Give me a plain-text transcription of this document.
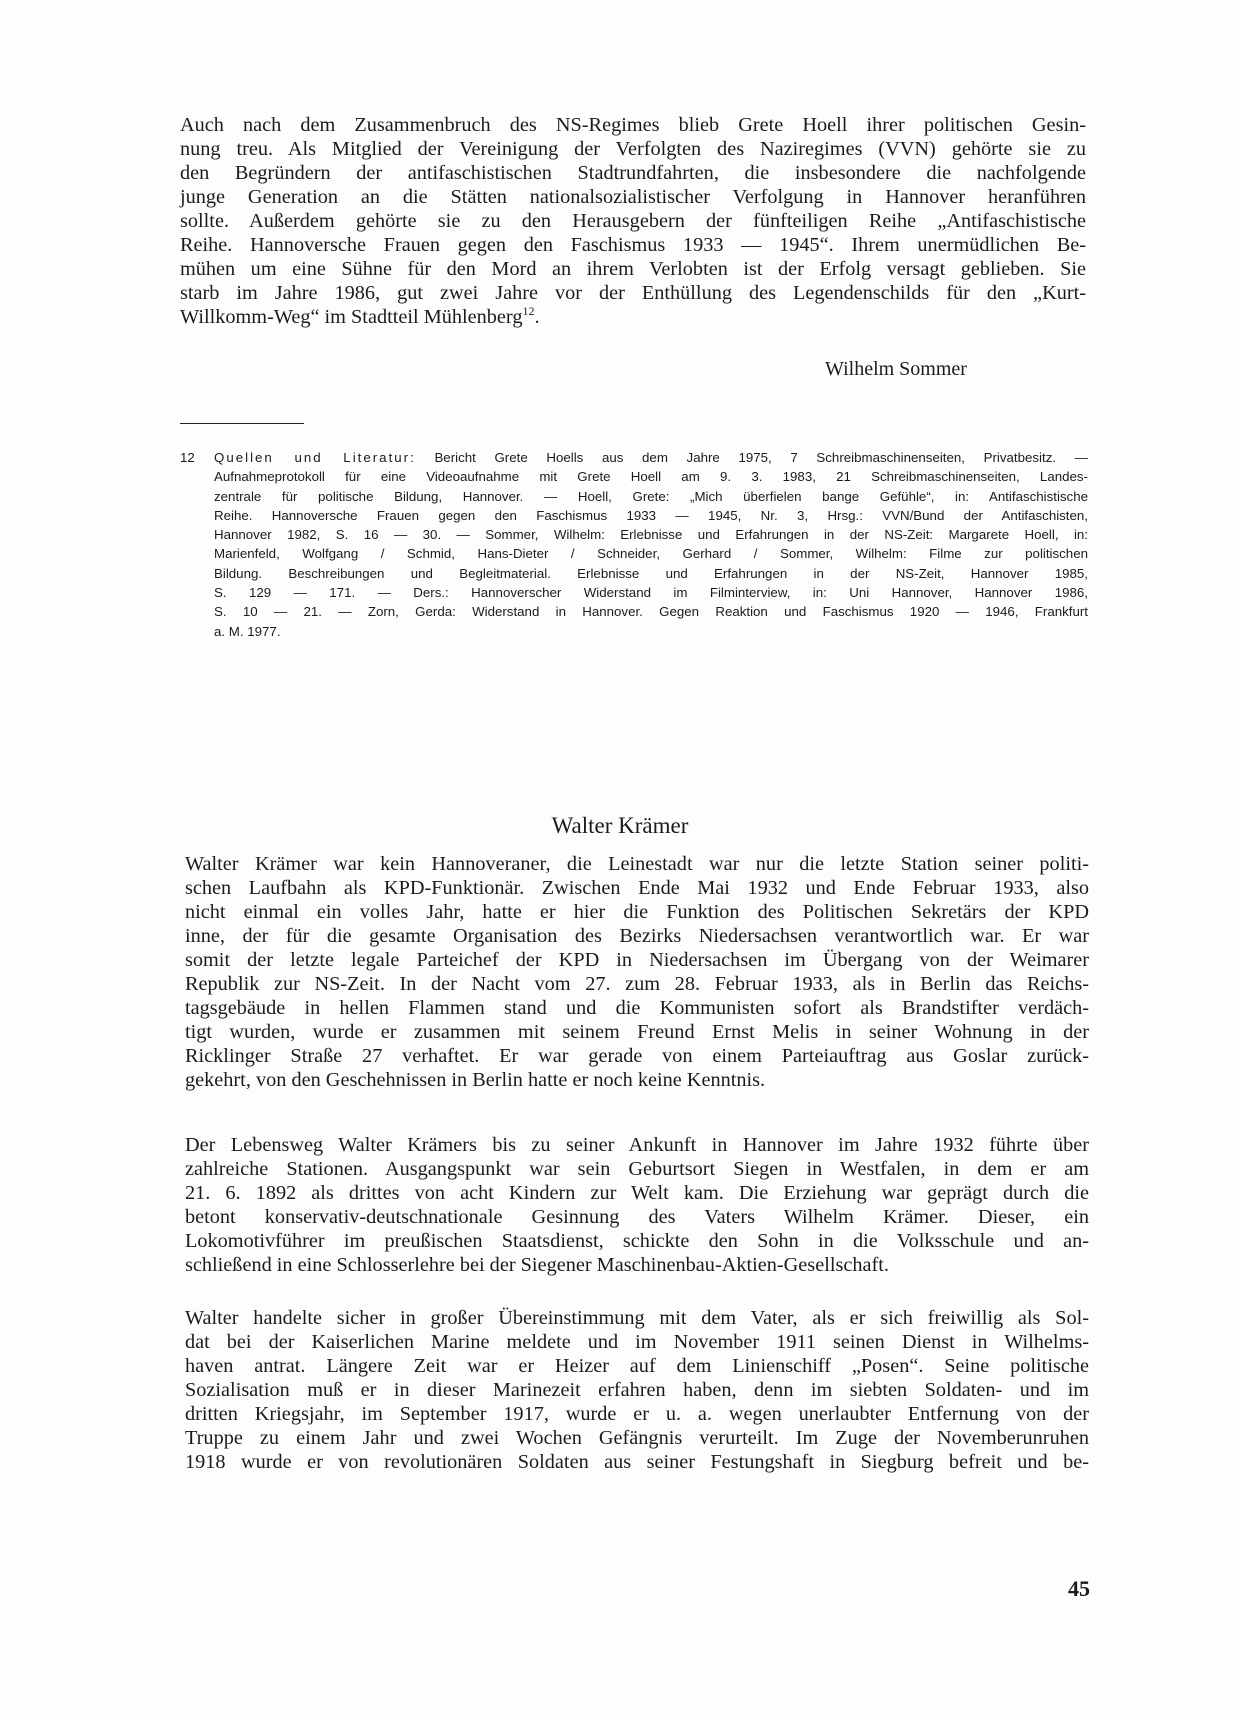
Auch nach dem Zusammenbruch des NS-Regimes blieb Grete Hoell ihrer politischen Gesin-
nung treu. Als Mitglied der Vereinigung der Verfolgten des Naziregimes (VVN) gehörte sie zu
den Begründern der antifaschistischen Stadtrundfahrten, die insbesondere die nachfolgende
junge Generation an die Stätten nationalsozialistischer Verfolgung in Hannover heranführen
sollte. Außerdem gehörte sie zu den Herausgebern der fünfteiligen Reihe „Antifaschistische
Reihe. Hannoversche Frauen gegen den Faschismus 1933 — 1945“. Ihrem unermüdlichen Be-
mühen um eine Sühne für den Mord an ihrem Verlobten ist der Erfolg versagt geblieben. Sie
starb im Jahre 1986, gut zwei Jahre vor der Enthüllung des Legendenschilds für den „Kurt-
Willkomm-Weg“ im Stadtteil Mühlenberg$^{12}$.
Wilhelm Sommer
12 Quellen und Literatur: Bericht Grete Hoells aus dem Jahre 1975, 7 Schreibmaschinenseiten, Privatbesitz. —
Aufnahmeprotokoll für eine Videoaufnahme mit Grete Hoell am 9. 3. 1983, 21 Schreibmaschinenseiten, Landes-
zentrale für politische Bildung, Hannover. — Hoell, Grete: „Mich überfielen bange Gefühle“, in: Antifaschistische
Reihe. Hannoversche Frauen gegen den Faschismus 1933 — 1945, Nr. 3, Hrsg.: VVN/Bund der Antifaschisten,
Hannover 1982, S. 16 — 30. — Sommer, Wilhelm: Erlebnisse und Erfahrungen in der NS-Zeit: Margarete Hoell, in:
Marienfeld, Wolfgang / Schmid, Hans-Dieter / Schneider, Gerhard / Sommer, Wilhelm: Filme zur politischen
Bildung. Beschreibungen und Begleitmaterial. Erlebnisse und Erfahrungen in der NS-Zeit, Hannover 1985,
S. 129 — 171. — Ders.: Hannoverscher Widerstand im Filminterview, in: Uni Hannover, Hannover 1986,
S. 10 — 21. — Zorn, Gerda: Widerstand in Hannover. Gegen Reaktion und Faschismus 1920 — 1946, Frankfurt
a. M. 1977.
Walter Krämer
Walter Krämer war kein Hannoveraner, die Leinestadt war nur die letzte Station seiner politi-
schen Laufbahn als KPD-Funktionär. Zwischen Ende Mai 1932 und Ende Februar 1933, also
nicht einmal ein volles Jahr, hatte er hier die Funktion des Politischen Sekretärs der KPD
inne, der für die gesamte Organisation des Bezirks Niedersachsen verantwortlich war. Er war
somit der letzte legale Parteichef der KPD in Niedersachsen im Übergang von der Weimarer
Republik zur NS-Zeit. In der Nacht vom 27. zum 28. Februar 1933, als in Berlin das Reichs-
tagsgebäude in hellen Flammen stand und die Kommunisten sofort als Brandstifter verdäch-
tigt wurden, wurde er zusammen mit seinem Freund Ernst Melis in seiner Wohnung in der
Ricklinger Straße 27 verhaftet. Er war gerade von einem Parteiauftrag aus Goslar zurück-
gekehrt, von den Geschehnissen in Berlin hatte er noch keine Kenntnis.
Der Lebensweg Walter Krämers bis zu seiner Ankunft in Hannover im Jahre 1932 führte über
zahlreiche Stationen. Ausgangspunkt war sein Geburtsort Siegen in Westfalen, in dem er am
21. 6. 1892 als drittes von acht Kindern zur Welt kam. Die Erziehung war geprägt durch die
betont konservativ-deutschnationale Gesinnung des Vaters Wilhelm Krämer. Dieser, ein
Lokomotivführer im preußischen Staatsdienst, schickte den Sohn in die Volksschule und an-
schließend in eine Schlosserlehre bei der Siegener Maschinenbau-Aktien-Gesellschaft.
Walter handelte sicher in großer Übereinstimmung mit dem Vater, als er sich freiwillig als Sol-
dat bei der Kaiserlichen Marine meldete und im November 1911 seinen Dienst in Wilhelms-
haven antrat. Längere Zeit war er Heizer auf dem Linienschiff „Posen“. Seine politische
Sozialisation muß er in dieser Marinezeit erfahren haben, denn im siebten Soldaten- und im
dritten Kriegsjahr, im September 1917, wurde er u. a. wegen unerlaubter Entfernung von der
Truppe zu einem Jahr und zwei Wochen Gefängnis verurteilt. Im Zuge der Novemberunruhen
1918 wurde er von revolutionären Soldaten aus seiner Festungshaft in Siegburg befreit und be-
45
